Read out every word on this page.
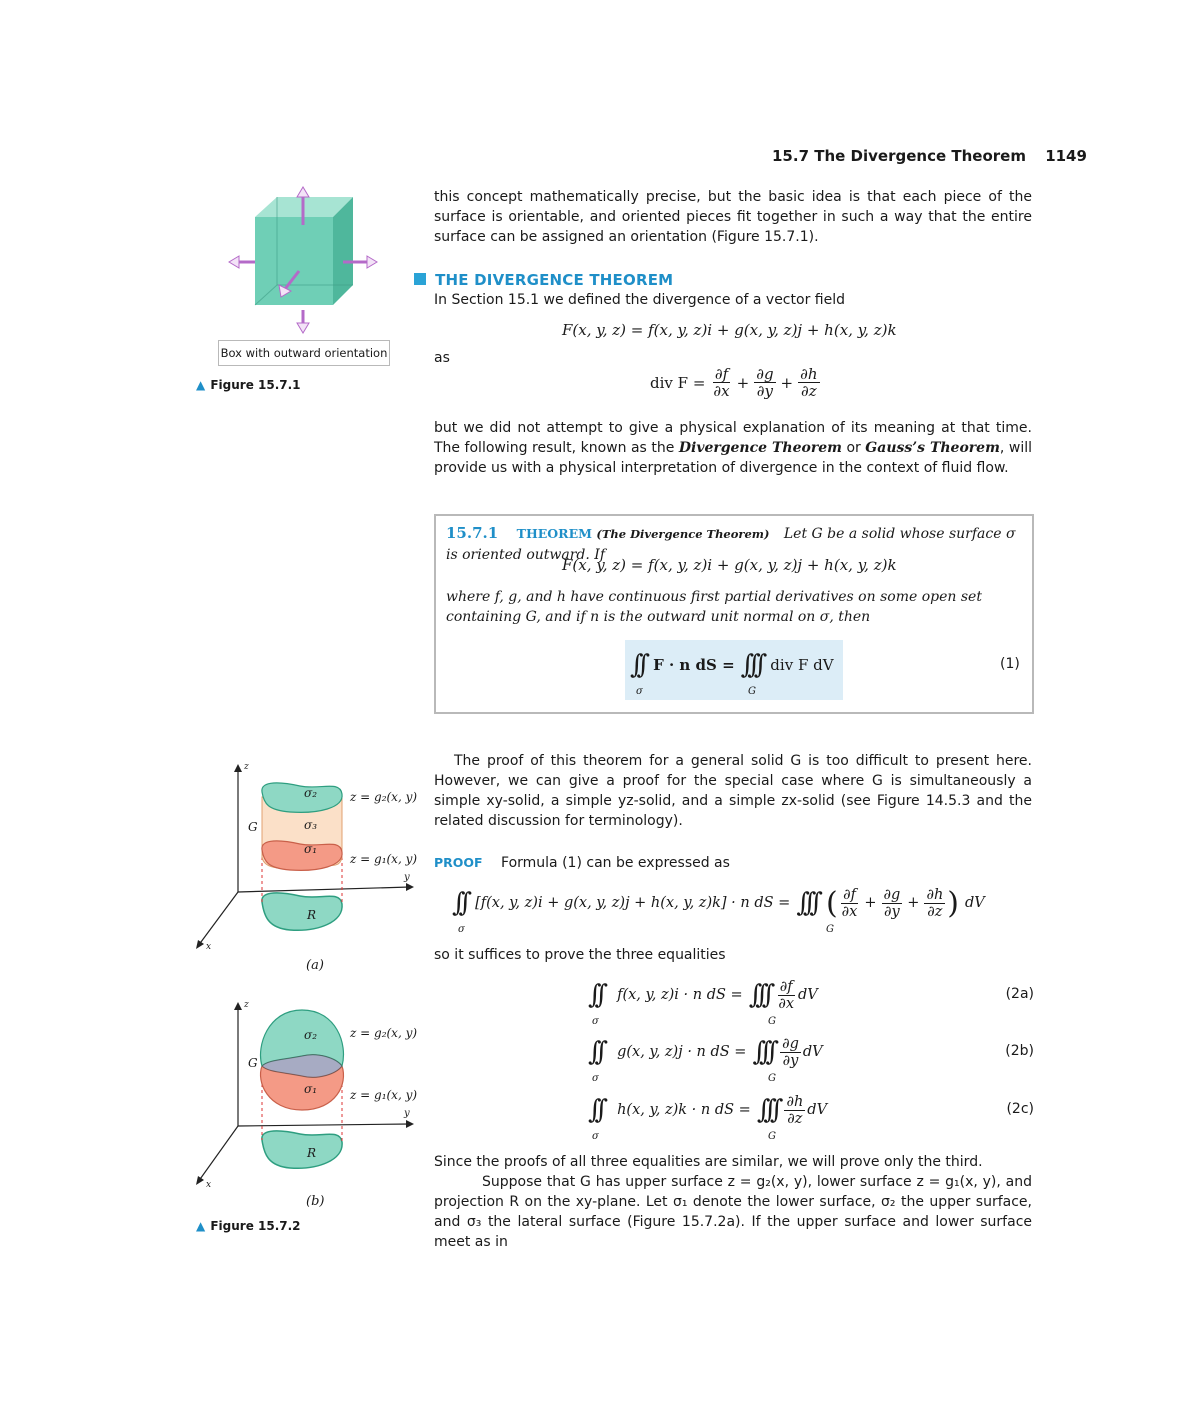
15.7 The Divergence Theorem 1149
this concept mathematically precise, but the basic idea is that each piece of the surface is orientable, and oriented pieces fit together in such a way that the entire surface can be assigned an orientation (Figure 15.7.1).
Box with outward orientation
▲ Figure 15.7.1
THE DIVERGENCE THEOREM
In Section 15.1 we defined the divergence of a vector field
F(x, y, z) = f(x, y, z)i + g(x, y, z)j + h(x, y, z)k
as
div $F = \frac{\partial f}{\partial x} + \frac{\partial g}{\partial y} + \frac{\partial h}{\partial z}$
but we did not attempt to give a physical explanation of its meaning at that time. The following result, known as the Divergence Theorem or Gauss’s Theorem, will provide us with a physical interpretation of divergence in the context of fluid flow.
15.7.1 THEOREM (The Divergence Theorem) Let G be a solid whose surface σ is oriented outward. If
F(x, y, z) = f(x, y, z)i + g(x, y, z)j + h(x, y, z)k
where f, g, and h have continuous first partial derivatives on some open set containing G, and if n is the outward unit normal on σ, then
∫∫ F · n dS = ∫∫∫ div F dV
σ	G
(1)
The proof of this theorem for a general solid G is too difficult to present here. However, we can give a proof for the special case where G is simultaneously a simple xy-solid, a simple yz-solid, and a simple zx-solid (see Figure 14.5.3 and the related discussion for terminology).
PROOF Formula (1) can be expressed as
∫∫ [f(x, y, z)i + g(x, y, z)j + h(x, y, z)k] · n dS = ∫∫∫ ( $\frac{\partial f}{\partial x} + \frac{\partial g}{\partial y} + \frac{\partial h}{\partial z}$ ) dV
σ	G
so it suffices to prove the three equalities
∫∫ f(x, y, z)i · n dS = ∫∫∫ $\frac{\partial f}{\partial x}$ dV
σ	G
(2a)
∫∫ g(x, y, z)j · n dS = ∫∫∫ $\frac{\partial g}{\partial y}$ dV
σ	G
(2b)
∫∫ h(x, y, z)k · n dS = ∫∫∫ $\frac{\partial h}{\partial z}$ dV
σ	G
(2c)
Since the proofs of all three equalities are similar, we will prove only the third.
Suppose that G has upper surface z = g₂(x, y), lower surface z = g₁(x, y), and projection R on the xy-plane. Let σ₁ denote the lower surface, σ₂ the upper surface, and σ₃ the lateral surface (Figure 15.7.2a). If the upper surface and lower surface meet as in
z
σ₂
σ₃
σ₁
G
R
z = g₂(x, y)
z = g₁(x, y)
y
x
(a)
z
σ₂
σ₁
G
R
z = g₂(x, y)
z = g₁(x, y)
y
x
(b)
▲ Figure 15.7.2
